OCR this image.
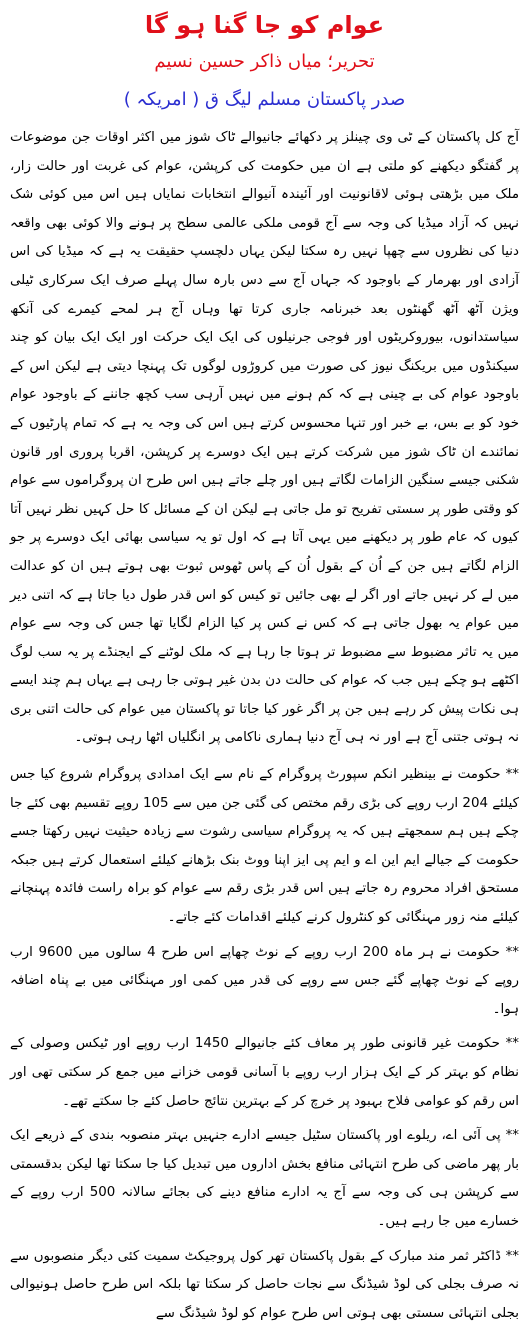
عوام کو جا گنا ہو گا
تحریر؛ میاں ذاکر حسین نسیم
صدر پاکستان مسلم لیگ ق ( امریکہ )

آج کل پاکستان کے ٹی وی چینلز پر دکھائے جانیوالے ٹاک شوز میں اکثر اوقات جن موضوعات پر گفتگو دیکھنے کو ملتی ہے ان میں حکومت کی کرپشن، عوام کی غربت اور حالت زار، ملک میں بڑھتی ہوئی لاقانونیت اور آئیندہ آنیوالے انتخابات نمایاں ہیں اس میں کوئی شک نہیں کہ آزاد میڈیا کی وجہ سے آج قومی ملکی عالمی سطح پر ہونے والا کوئی بھی واقعہ دنیا کی نظروں سے چھپا نہیں رہ سکتا لیکن یہاں دلچسپ حقیقت یہ ہے کہ میڈیا کی اس آزادی اور بھرمار کے باوجود کہ جہاں آج سے دس بارہ سال پہلے صرف ایک سرکاری ٹیلی ویژن آٹھ آٹھ گھنٹوں بعد خبرنامہ جاری کرتا تھا وہاں آج ہر لمحے کیمرے کی آنکھ سیاستدانوں، بیوروکریٹوں اور فوجی جرنیلوں کی ایک ایک حرکت اور ایک ایک بیان کو چند سیکنڈوں میں بریکنگ نیوز کی صورت میں کروڑوں لوگوں تک پہنچا دیتی ہے لیکن اس کے باوجود عوام کی بے چینی ہے کہ کم ہونے میں نہیں آرہی سب کچھ جاننے کے باوجود عوام خود کو بے بس، بے خبر اور تنہا محسوس کرتے ہیں اس کی وجہ یہ ہے کہ تمام پارٹیوں کے نمائندے ان ٹاک شوز میں شرکت کرتے ہیں ایک دوسرے پر کرپشن، اقربا پروری اور قانون شکنی جیسے سنگین الزامات لگاتے ہیں اور چلے جاتے ہیں اس طرح ان پروگراموں سے عوام کو وقتی طور پر سستی تفریح تو مل جاتی ہے لیکن ان کے مسائل کا حل کہیں نظر نہیں آتا کیوں کہ عام طور پر دیکھنے میں یہی آتا ہے کہ اول تو یہ سیاسی بھائی ایک دوسرے پر جو الزام لگاتے ہیں جن کے اُن کے بقول اُن کے پاس ٹھوس ثبوت بھی ہوتے ہیں ان کو عدالت میں لے کر نہیں جاتے اور اگر لے بھی جائیں تو کیس کو اس قدر طول دیا جاتا ہے کہ اتنی دیر میں عوام یہ بھول جاتی ہے کہ کس نے کس پر کیا الزام لگایا تھا جس کی وجہ سے عوام میں یہ تاثر مضبوط سے مضبوط تر ہوتا جا رہا ہے کہ ملک لوٹنے کے ایجنڈے پر یہ سب لوگ اکٹھے ہو چکے ہیں جب کہ عوام کی حالت دن بدن غیر ہوتی جا رہی ہے یہاں ہم چند ایسے ہی نکات پیش کر رہے ہیں جن پر اگر غور کیا جاتا تو پاکستان میں عوام کی حالت اتنی بری نہ ہوتی جتنی آج ہے اور نہ ہی آج دنیا ہماری ناکامی پر انگلیاں اٹھا رہی ہوتی۔

** حکومت نے بینظیر انکم سپورٹ پروگرام کے نام سے ایک امدادی پروگرام شروع کیا جس کیلئے 204 ارب روپے کی بڑی رقم مختص کی گئی جن میں سے 105 روپے تقسیم بھی کئے جا چکے ہیں ہم سمجھتے ہیں کہ یہ پروگرام سیاسی رشوت سے زیادہ حیثیت نہیں رکھتا جسے حکومت کے جیالے ایم این اے و ایم پی ایز اپنا ووٹ بنک بڑھانے کیلئے استعمال کرتے ہیں جبکہ مستحق افراد محروم رہ جاتے ہیں اس قدر بڑی رقم سے عوام کو براہ راست فائدہ پہنچانے کیلئے منہ زور مہنگائی کو کنٹرول کرنے کیلئے اقدامات کئے جاتے۔

** حکومت نے ہر ماہ 200 ارب روپے کے نوٹ چھاپے اس طرح 4 سالوں میں 9600 ارب روپے کے نوٹ چھاپے گئے جس سے روپے کی قدر میں کمی اور مہنگائی میں بے پناہ اضافہ ہوا۔

** حکومت غیر قانونی طور پر معاف کئے جانیوالے 1450 ارب روپے اور ٹیکس وصولی کے نظام کو بہتر کر کے ایک ہزار ارب روپے با آسانی قومی خزانے میں جمع کر سکتی تھی اور اس رقم کو عوامی فلاح بہبود پر خرچ کر کے بہترین نتائج حاصل کئے جا سکتے تھے۔

** پی آئی اے، ریلوے اور پاکستان سٹیل جیسے ادارے جنہیں بہتر منصوبہ بندی کے ذریعے ایک بار پھر ماضی کی طرح انتہائی منافع بخش اداروں میں تبدیل کیا جا سکتا تھا لیکن بدقسمتی سے کرپشن ہی کی وجہ سے آج یہ ادارے منافع دینے کی بجائے سالانہ 500 ارب روپے کے خسارے میں جا رہے ہیں۔

** ڈاکٹر ثمر مند مبارک کے بقول پاکستان تھر کول پروجیکٹ سمیت کئی دیگر منصوبوں سے نہ صرف بجلی کی لوڈ شیڈنگ سے نجات حاصل کر سکتا تھا بلکہ اس طرح حاصل ہونیوالی بجلی انتہائی سستی بھی ہوتی اس طرح عوام کو لوڈ شیڈنگ سے
